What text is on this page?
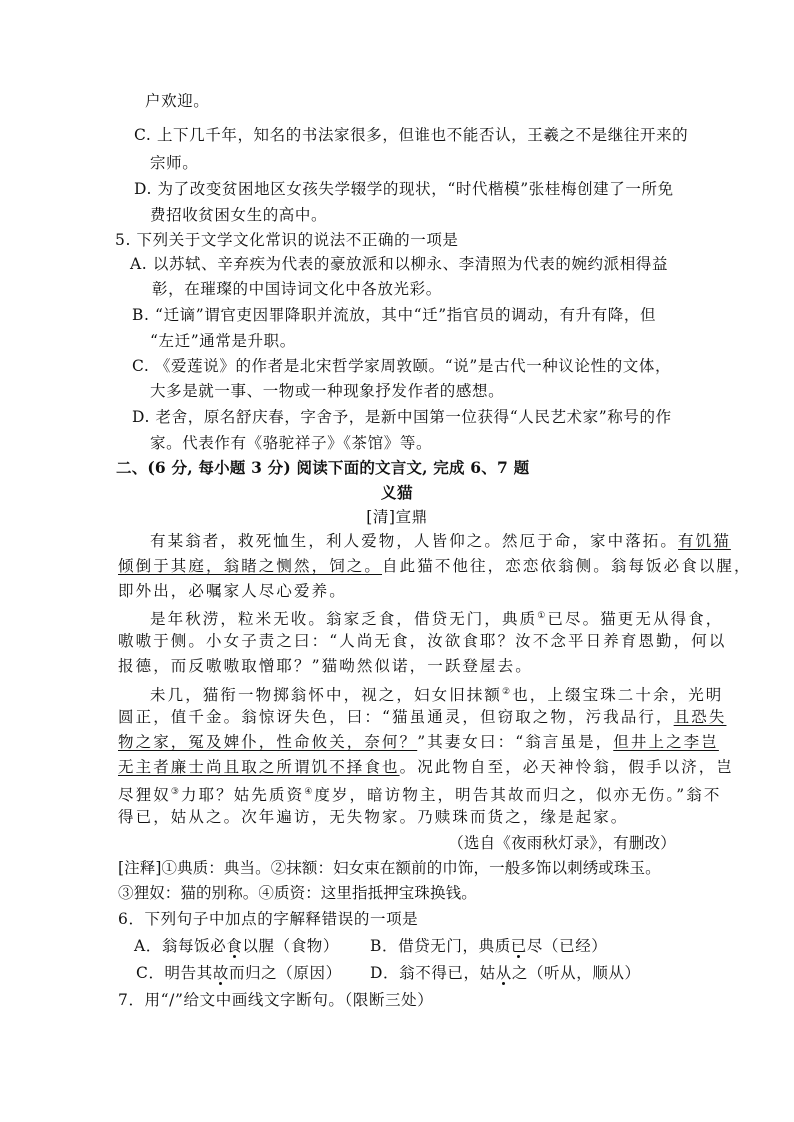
户欢迎。
C. 上下几千年，知名的书法家很多，但谁也不能否认，王羲之不是继往开来的
宗师。
D. 为了改变贫困地区女孩失学辍学的现状，“时代楷模”张桂梅创建了一所免
费招收贫困女生的高中。
5. 下列关于文学文化常识的说法不正确的一项是
A. 以苏轼、辛弃疾为代表的豪放派和以柳永、李清照为代表的婉约派相得益
彰，在璀璨的中国诗词文化中各放光彩。
B. “迁谪”谓官吏因罪降职并流放，其中“迁”指官员的调动，有升有降，但
“左迁”通常是升职。
C. 《爱莲说》的作者是北宋哲学家周敦颐。“说”是古代一种议论性的文体，
大多是就一事、一物或一种现象抒发作者的感想。
D. 老舍，原名舒庆春，字舍予，是新中国第一位获得“人民艺术家”称号的作
家。代表作有《骆驼祥子》《茶馆》等。
二、(6 分, 每小题 3 分) 阅读下面的文言文, 完成 6、7 题
义猫
[清]宣鼎
有某翁者，救死恤生，利人爱物，人皆仰之。然厄于命，家中落拓。有饥猫
倾倒于其庭，翁睹之恻然，饲之。自此猫不他往，恋恋依翁侧。翁每饭必食以腥，
即外出，必嘱家人尽心爱养。
是年秋涝，粒米无收。翁家乏食，借贷无门，典质①已尽。猫更无从得食，
嗷嗷于侧。小女子责之曰：“人尚无食，汝欲食耶？汝不念平日养育恩勤，何以
报德，而反嗷嗷取憎耶？”猫呦然似诺，一跃登屋去。
未几，猫衔一物掷翁怀中，视之，妇女旧抹额②也，上缀宝珠二十余，光明
圆正，值千金。翁惊讶失色，曰：“猫虽通灵，但窃取之物，污我品行，且恐失
物之家，冤及婢仆，性命攸关，奈何？”其妻女曰：“翁言虽是，但井上之李岂
无主者廉士尚且取之所谓饥不择食也。况此物自至，必天神怜翁，假手以济，岂
尽狸奴③力耶？姑先质资④度岁，暗访物主，明告其故而归之，似亦无伤。”翁不
得已，姑从之。次年遍访，无失物家。乃赎珠而货之，缘是起家。
（选自《夜雨秋灯录》，有删改）
[注释]①典质：典当。②抹额：妇女束在额前的巾饰，一般多饰以刺绣或珠玉。
③狸奴：猫的别称。④质资：这里指抵押宝珠换钱。
6．下列句子中加点的字解释错误的一项是
A．翁每饭必食以腥（食物） B．借贷无门，典质已尽（已经）
C．明告其故而归之（原因） D．翁不得已，姑从之（听从，顺从）
7．用“/”给文中画线文字断句。（限断三处）
